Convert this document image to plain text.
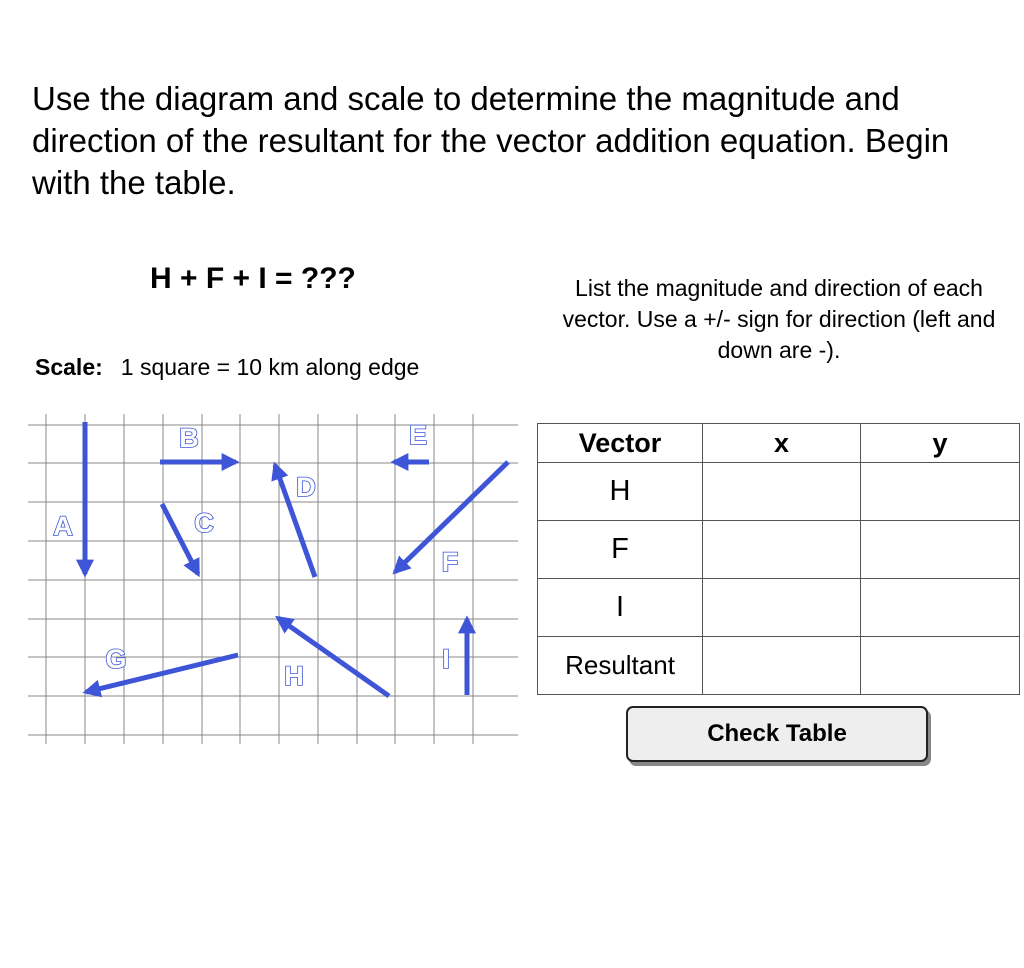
Use the diagram and scale to determine the magnitude and direction of the resultant for the vector addition equation. Begin with the table.

H + F + I = ???
Scale: 1 square = 10 km along edge
List the magnitude and direction of each vector. Use a +/- sign for direction (left and down are -).
A
B
C
D
E
F
G
H
I
Vector	x	y
H		
F		
I		
Resultant		
Check Table
